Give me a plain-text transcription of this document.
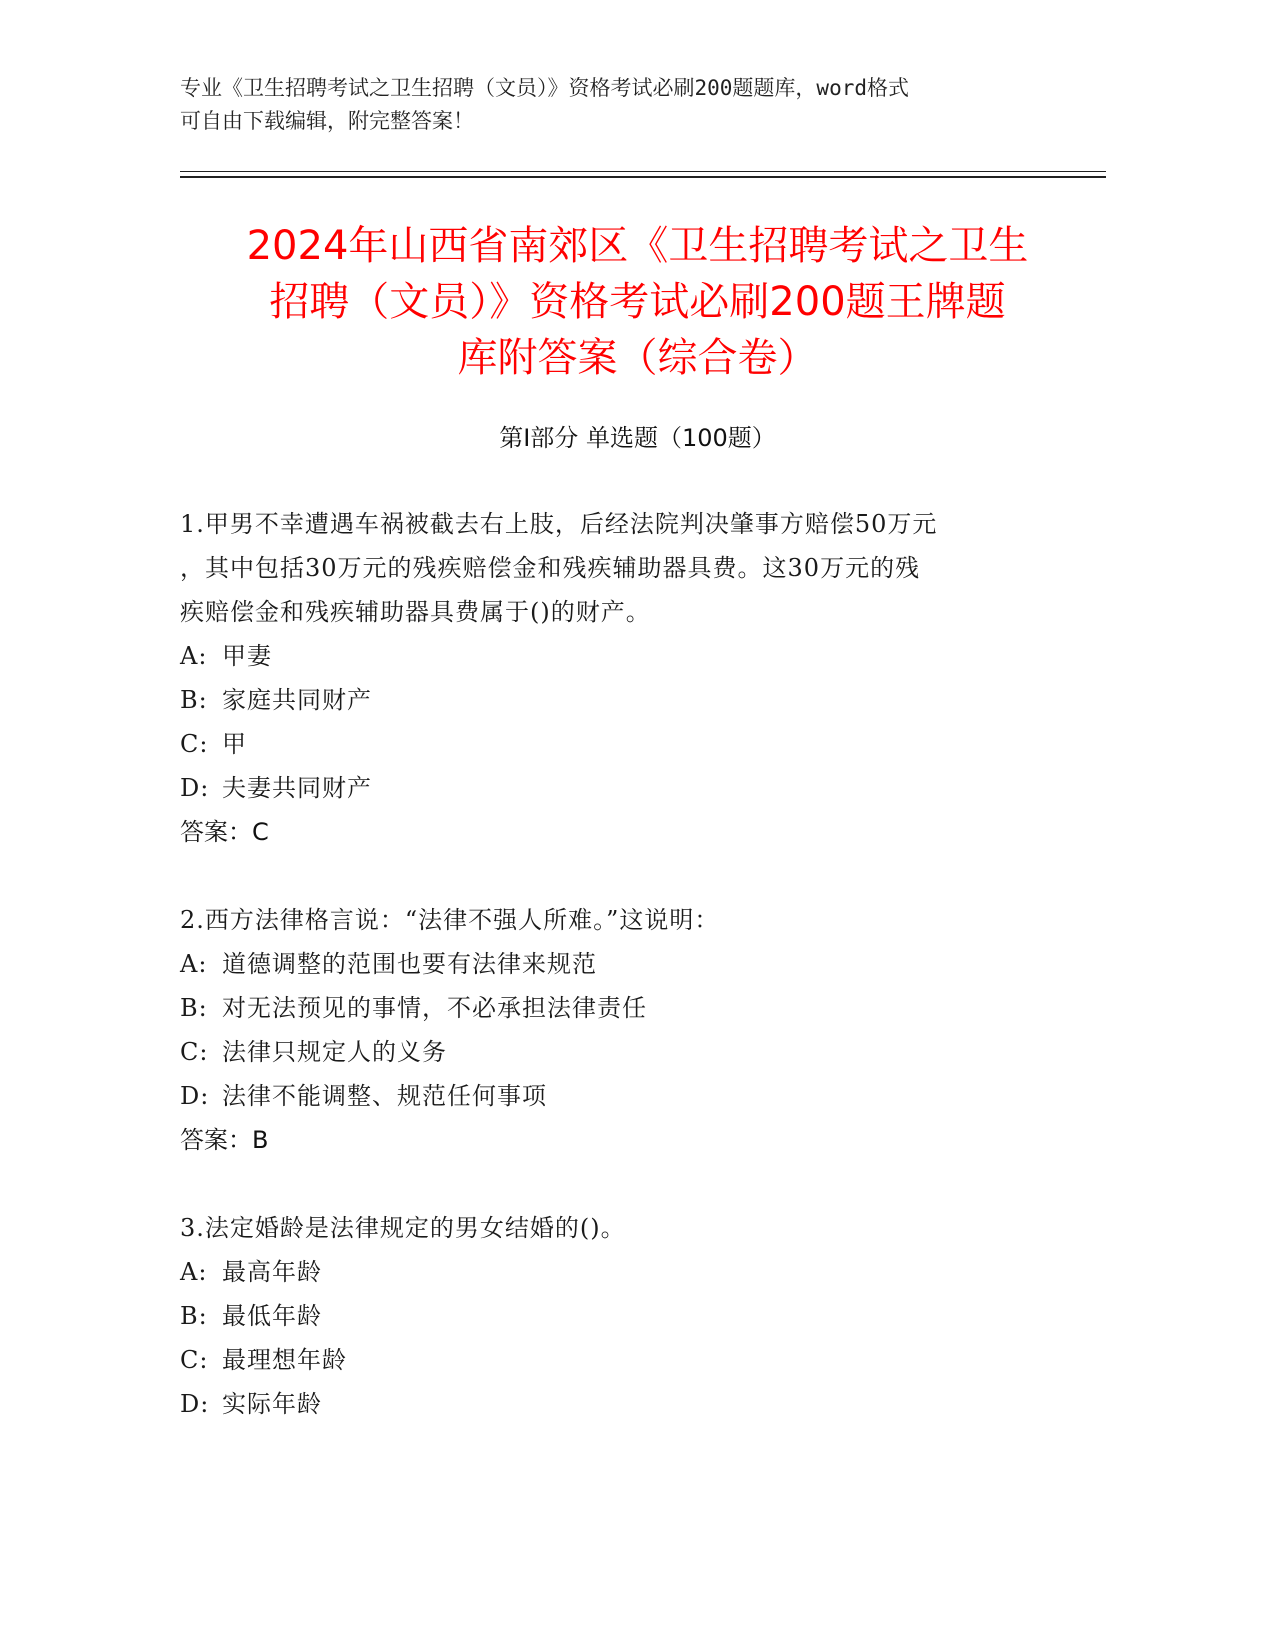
专业《卫生招聘考试之卫生招聘（文员）》资格考试必刷200题题库，word格式
可自由下载编辑，附完整答案！
2024年山西省南郊区《卫生招聘考试之卫生
招聘（文员）》资格考试必刷200题王牌题
库附答案（综合卷）
第I部分 单选题（100题）
1.甲男不幸遭遇车祸被截去右上肢，后经法院判决肇事方赔偿50万元
，其中包括30万元的残疾赔偿金和残疾辅助器具费。这30万元的残
疾赔偿金和残疾辅助器具费属于()的财产。
A: 甲妻
B: 家庭共同财产
C: 甲
D: 夫妻共同财产
答案：C
2.西方法律格言说：“法律不强人所难。”这说明：
A: 道德调整的范围也要有法律来规范
B: 对无法预见的事情，不必承担法律责任
C: 法律只规定人的义务
D: 法律不能调整、规范任何事项
答案：B
3.法定婚龄是法律规定的男女结婚的()。
A: 最高年龄
B: 最低年龄
C: 最理想年龄
D: 实际年龄
